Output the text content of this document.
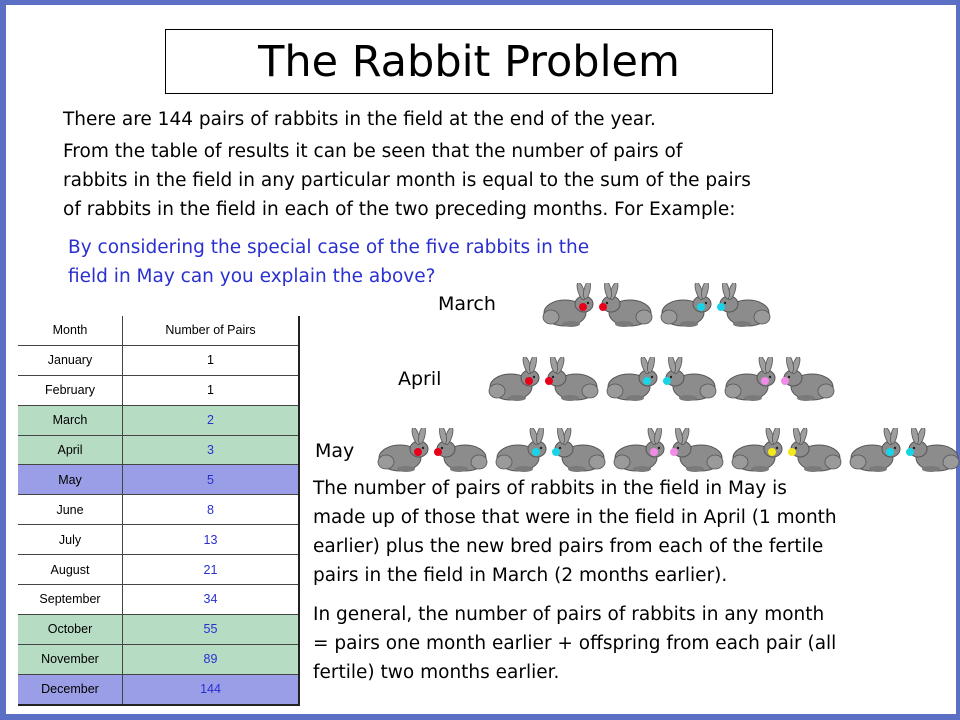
The Rabbit Problem
There are 144 pairs of rabbits in the field at the end of the year.
From the table of results it can be seen that the number of pairs of
rabbits in the field in any particular month is equal to the sum of the pairs
of rabbits in the field in each of the two preceding months. For Example:
By considering the special case of the five rabbits in the
field in May can you explain the above?
March
April
May
Month	Number of Pairs
January	1
February	1
March	2
April	3
May	5
June	8
July	13
August	21
September	34
October	55
November	89
December	144
The number of pairs of rabbits in the field in May is
made up of those that were in the field in April (1 month
earlier) plus the new bred pairs from each of the fertile
pairs in the field in March (2 months earlier).
In general, the number of pairs of rabbits in any month
= pairs one month earlier + offspring from each pair (all
fertile) two months earlier.
